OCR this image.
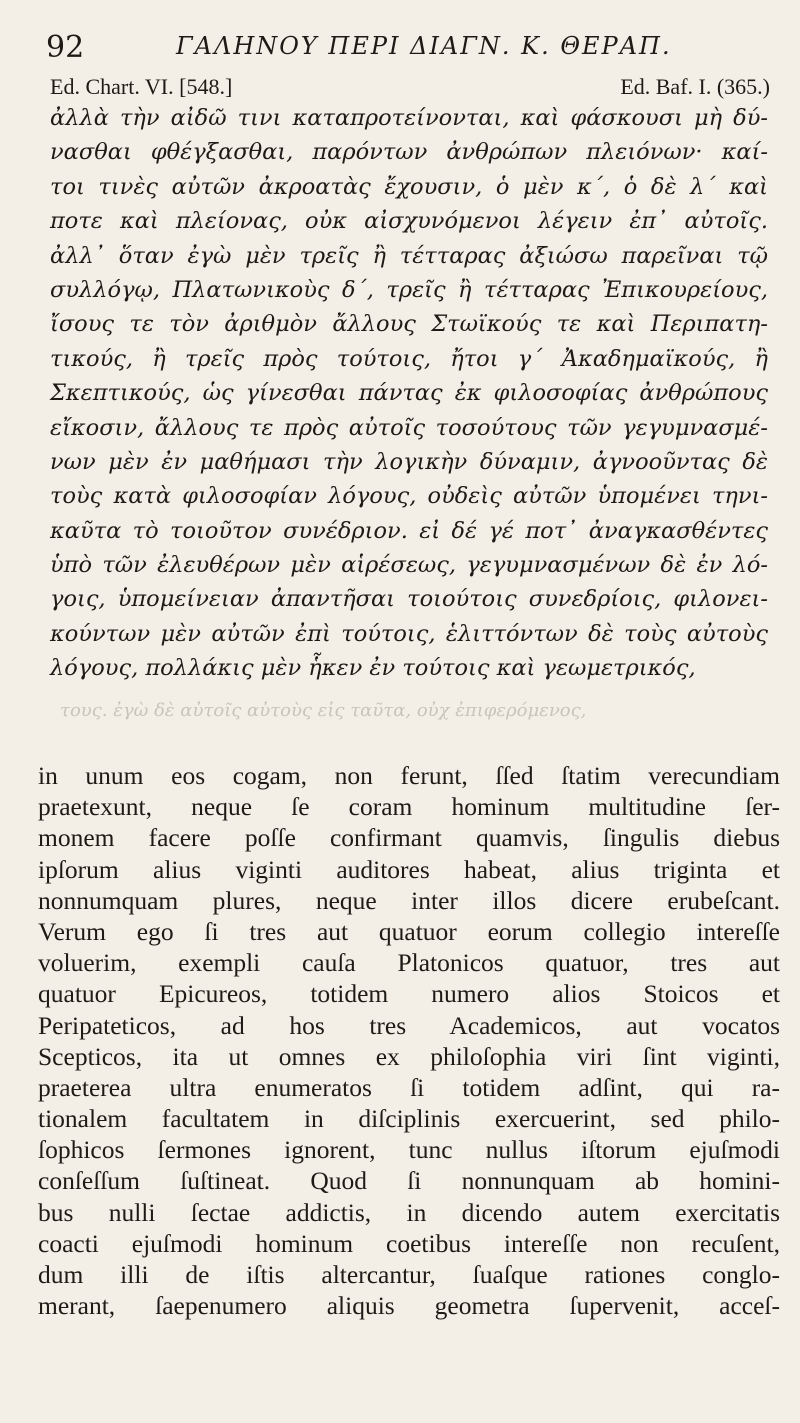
92	ΓΑΛΗΝΟΥ ΠΕΡΙ ΔΙΑΓΝ. Κ. ΘΕΡΑΠ.
Ed. Chart. VI. [548.]	Ed. Baf. I. (365.)
ἀλλὰ τὴν αἰδῶ τινι καταπροτείνονται, καὶ φάσκουσι μὴ δύ-
νασθαι φθέγξασθαι, παρόντων ἀνθρώπων πλειόνων· καί-
τοι τινὲς αὐτῶν ἀκροατὰς ἔχουσιν, ὁ μὲν κ΄, ὁ δὲ λ΄ καὶ
ποτε καὶ πλείονας, οὐκ αἰσχυνόμενοι λέγειν ἐπ᾽ αὐτοῖς.
ἀλλ᾽ ὅταν ἐγὼ μὲν τρεῖς ἢ τέτταρας ἀξιώσω παρεῖναι τῷ
συλλόγῳ, Πλατωνικοὺς δ΄, τρεῖς ἢ τέτταρας Ἐπικουρείους,
ἴσους τε τὸν ἀριθμὸν ἄλλους Στωϊκούς τε καὶ Περιπατη-
τικούς, ἢ τρεῖς πρὸς τούτοις, ἤτοι γ΄ Ἀκαδημαϊκούς, ἢ
Σκεπτικούς, ὡς γίνεσθαι πάντας ἐκ φιλοσοφίας ἀνθρώπους
εἴκοσιν, ἄλλους τε πρὸς αὐτοῖς τοσούτους τῶν γεγυμνασμέ-
νων μὲν ἐν μαθήμασι τὴν λογικὴν δύναμιν, ἀγνοοῦντας δὲ
τοὺς κατὰ φιλοσοφίαν λόγους, οὐδεὶς αὐτῶν ὑπομένει τηνι-
καῦτα τὸ τοιοῦτον συνέδριον. εἰ δέ γέ ποτ᾽ ἀναγκασθέντες
ὑπὸ τῶν ἐλευθέρων μὲν αἱρέσεως, γεγυμνασμένων δὲ ἐν λό-
γοις, ὑπομείνειαν ἀπαντῆσαι τοιούτοις συνεδρίοις, φιλονει-
κούντων μὲν αὐτῶν ἐπὶ τούτοις, ἑλιττόντων δὲ τοὺς αὐτοὺς
λόγους, πολλάκις μὲν ἧκεν ἐν τούτοις καὶ γεωμετρικός,
τους. ἐγὼ δὲ αὐτοῖς αὐτοὺς εἰς ταῦτα, οὐχ ἐπιφερόμενος,
in unum eos cogam, non ferunt, ſſed ſtatim verecundiam
praetexunt, neque ſe coram hominum multitudine ſer-
monem facere poſſe confirmant quamvis, ſingulis diebus
ipſorum alius viginti auditores habeat, alius triginta et
nonnumquam plures, neque inter illos dicere erubeſcant.
Verum ego ſi tres aut quatuor eorum collegio intereſſe
voluerim, exempli cauſa Platonicos quatuor, tres aut
quatuor Epicureos, totidem numero alios Stoicos et
Peripateticos, ad hos tres Academicos, aut vocatos
Scepticos, ita ut omnes ex philoſophia viri ſint viginti,
praeterea ultra enumeratos ſi totidem adſint, qui ra-
tionalem facultatem in diſciplinis exercuerint, sed philo-
ſophicos ſermones ignorent, tunc nullus iſtorum ejuſmodi
conſeſſum ſuſtineat. Quod ſi nonnunquam ab homini-
bus nulli ſectae addictis, in dicendo autem exercitatis
coacti ejuſmodi hominum coetibus intereſſe non recuſent,
dum illi de iſtis altercantur, ſuaſque rationes conglo-
merant, ſaepenumero aliquis geometra ſupervenit, acceſ-
